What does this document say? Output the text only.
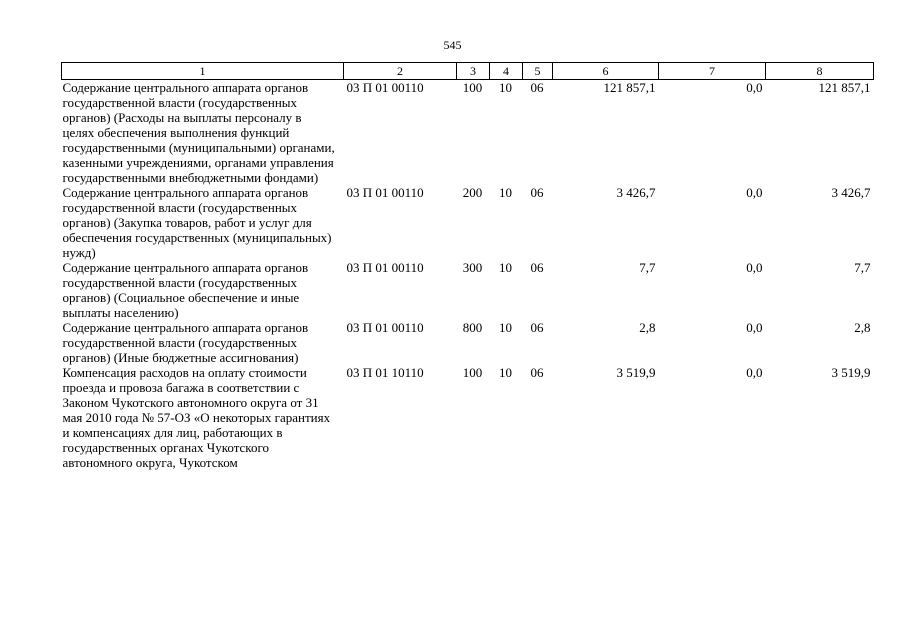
545
1	2	3	4	5	6	7	8
Содержание центрального аппарата органов государственной власти (государственных органов) (Расходы на выплаты персоналу в целях обеспечения выполнения функций государственными (муниципальными) органами, казенными учреждениями, органами управления государственными внебюджетными фондами)	03 П 01 00110	100	10	06	121 857,1	0,0	121 857,1
Содержание центрального аппарата органов государственной власти (государственных органов) (Закупка товаров, работ и услуг для обеспечения государственных (муниципальных) нужд)	03 П 01 00110	200	10	06	3 426,7	0,0	3 426,7
Содержание центрального аппарата органов государственной власти (государственных органов) (Социальное обеспечение и иные выплаты населению)	03 П 01 00110	300	10	06	7,7	0,0	7,7
Содержание центрального аппарата органов государственной власти (государственных органов) (Иные бюджетные ассигнования)	03 П 01 00110	800	10	06	2,8	0,0	2,8
Компенсация расходов на оплату стоимости проезда и провоза багажа в соответствии с Законом Чукотского автономного округа от 31 мая 2010 года № 57-ОЗ «О некоторых гарантиях и компенсациях для лиц, работающих в государственных органах Чукотского автономного округа, Чукотском	03 П 01 10110	100	10	06	3 519,9	0,0	3 519,9
